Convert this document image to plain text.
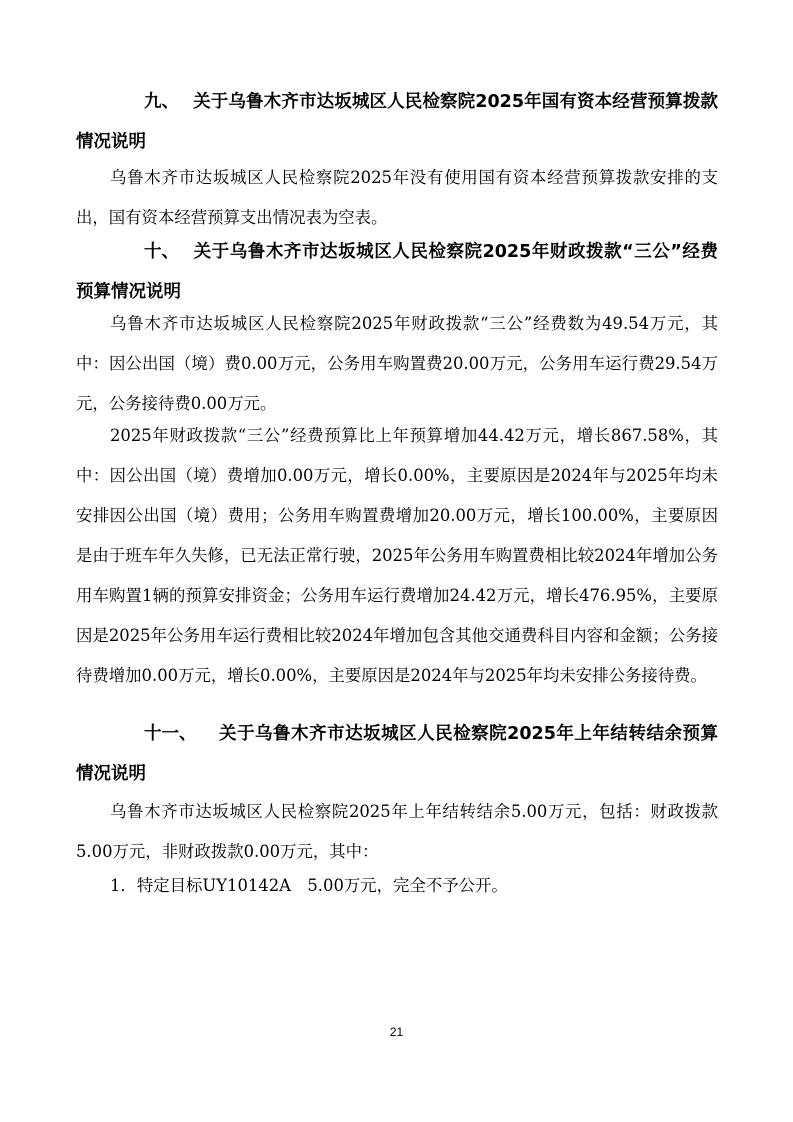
九、 关于乌鲁木齐市达坂城区人民检察院2025年国有资本经营预算拨款情况说明

乌鲁木齐市达坂城区人民检察院2025年没有使用国有资本经营预算拨款安排的支出，国有资本经营预算支出情况表为空表。

十、 关于乌鲁木齐市达坂城区人民检察院2025年财政拨款“三公”经费预算情况说明

乌鲁木齐市达坂城区人民检察院2025年财政拨款“三公”经费数为49.54万元，其中：因公出国（境）费0.00万元，公务用车购置费20.00万元，公务用车运行费29.54万元，公务接待费0.00万元。

2025年财政拨款“三公”经费预算比上年预算增加44.42万元，增长867.58%，其中：因公出国（境）费增加0.00万元，增长0.00%，主要原因是2024年与2025年均未安排因公出国（境）费用；公务用车购置费增加20.00万元，增长100.00%，主要原因是由于班车年久失修，已无法正常行驶，2025年公务用车购置费相比较2024年增加公务用车购置1辆的预算安排资金；公务用车运行费增加24.42万元，增长476.95%，主要原因是2025年公务用车运行费相比较2024年增加包含其他交通费科目内容和金额；公务接待费增加0.00万元，增长0.00%，主要原因是2024年与2025年均未安排公务接待费。

十一、 关于乌鲁木齐市达坂城区人民检察院2025年上年结转结余预算情况说明

乌鲁木齐市达坂城区人民检察院2025年上年结转结余5.00万元，包括：财政拨款5.00万元，非财政拨款0.00万元，其中：

1．特定目标UY10142A　5.00万元，完全不予公开。

21
